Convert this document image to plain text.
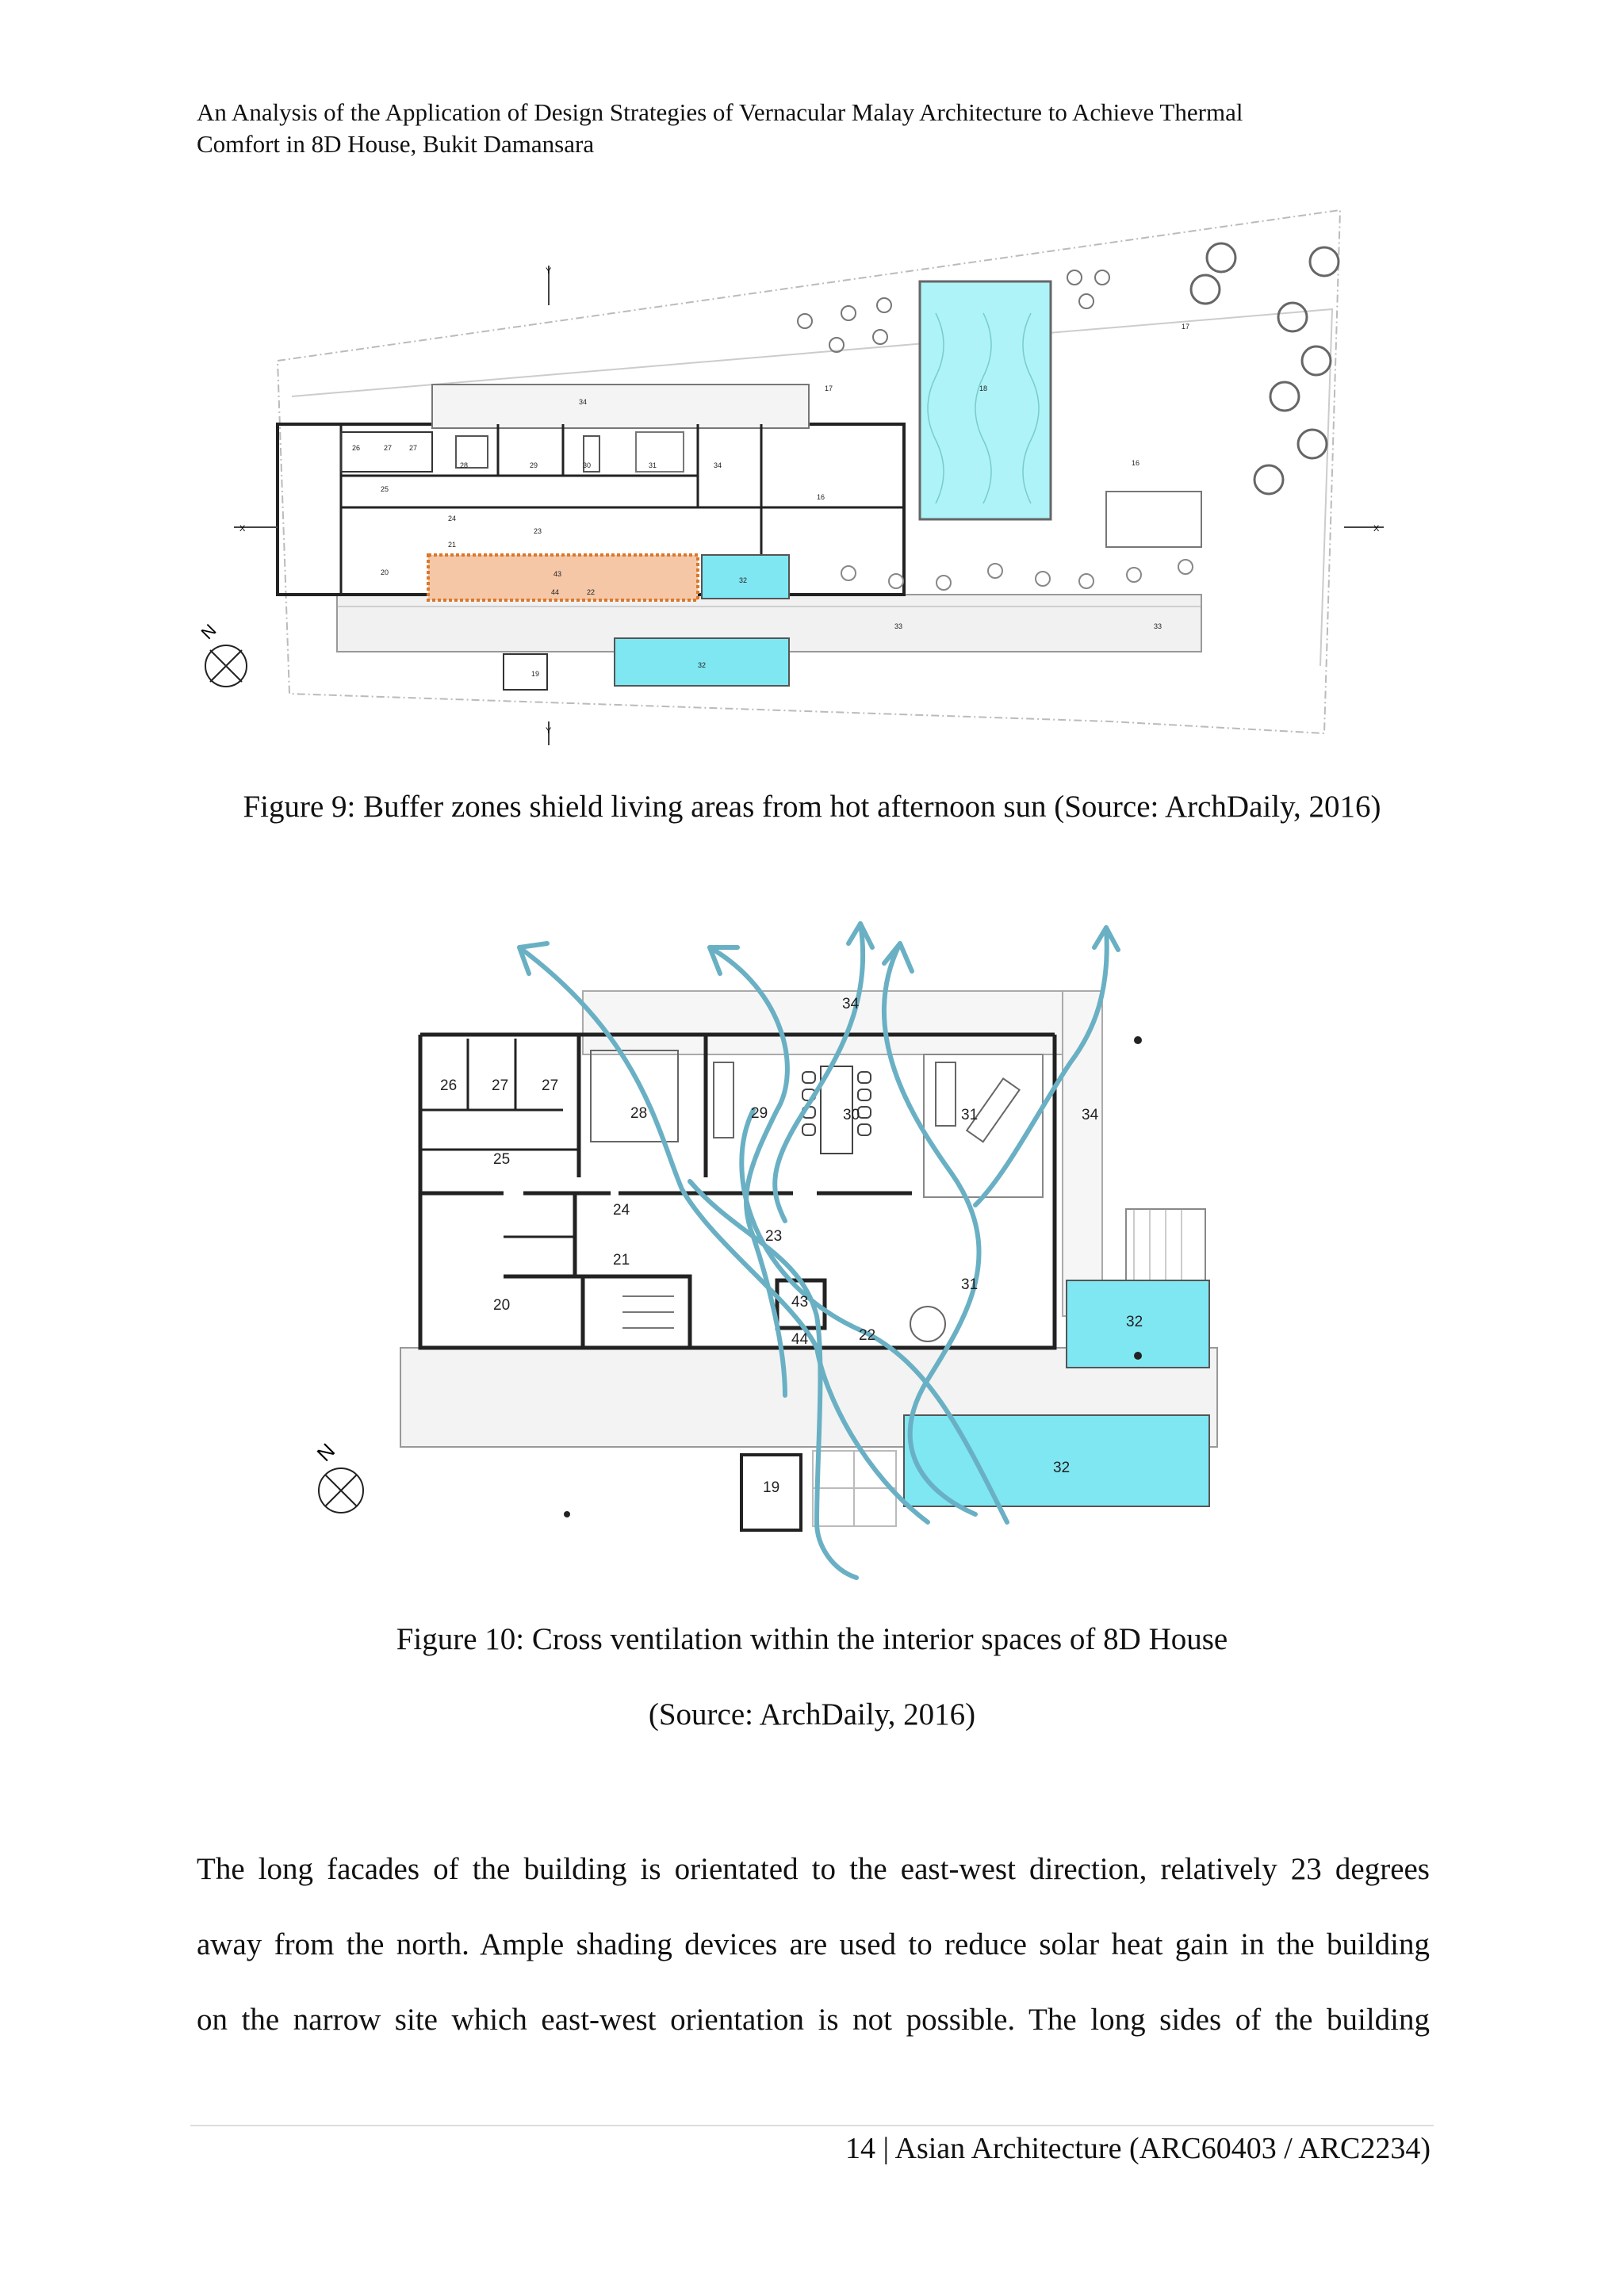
An Analysis of the Application of Design Strategies of Vernacular Malay Architecture to Achieve Thermal
Comfort in 8D House, Bukit Damansara
X	X
Y
Y
N
26	27 27
28	29	30	31
34
34
25
24
21
23
20	43
44	22
32
32
33	33
19
16
16
17
17
18
Figure 9: Buffer zones shield living areas from hot afternoon sun (Source: ArchDaily, 2016)
N
26 27 27
28	29	30	31
31
34
34
25
24
21
23
20	43
44	22
32
32
19
Figure 10: Cross ventilation within the interior spaces of 8D House
(Source: ArchDaily, 2016)
The long facades of the building is orientated to the east-west direction, relatively 23 degrees
away from the north. Ample shading devices are used to reduce solar heat gain in the building
on the narrow site which east-west orientation is not possible. The long sides of the building
14 | Asian Architecture (ARC60403 / ARC2234)
